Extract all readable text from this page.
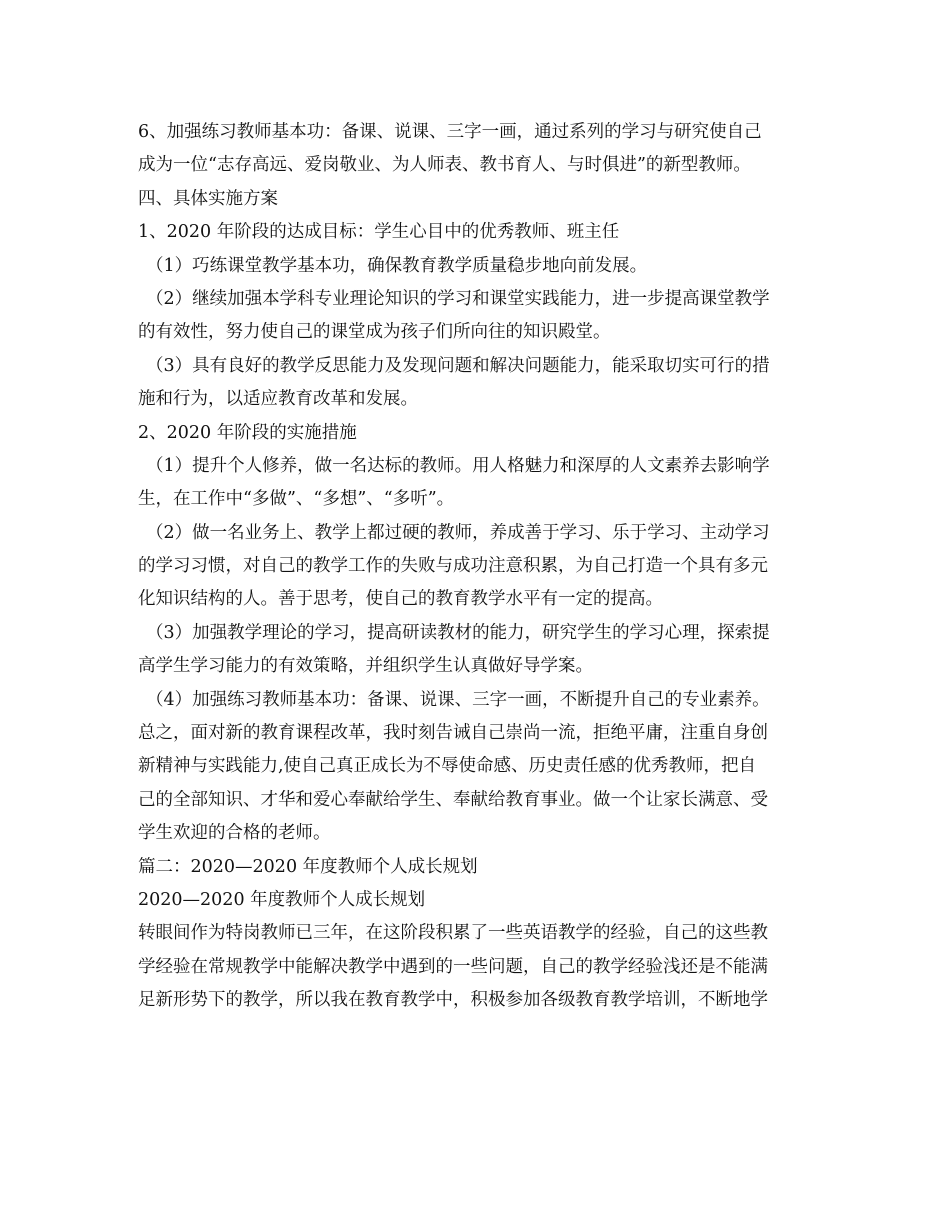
6、加强练习教师基本功：备课、说课、三字一画，通过系列的学习与研究使自己
成为一位“志存高远、爱岗敬业、为人师表、教书育人、与时俱进”的新型教师。
四、具体实施方案
1、2020 年阶段的达成目标：学生心目中的优秀教师、班主任
（1）巧练课堂教学基本功，确保教育教学质量稳步地向前发展。
（2）继续加强本学科专业理论知识的学习和课堂实践能力，进一步提高课堂教学
的有效性，努力使自己的课堂成为孩子们所向往的知识殿堂。
（3）具有良好的教学反思能力及发现问题和解决问题能力，能采取切实可行的措
施和行为，以适应教育改革和发展。
2、2020 年阶段的实施措施
（1）提升个人修养，做一名达标的教师。用人格魅力和深厚的人文素养去影响学
生，在工作中“多做”、“多想”、“多听”。
（2）做一名业务上、教学上都过硬的教师，养成善于学习、乐于学习、主动学习
的学习习惯，对自己的教学工作的失败与成功注意积累，为自己打造一个具有多元
化知识结构的人。善于思考，使自己的教育教学水平有一定的提高。
（3）加强教学理论的学习，提高研读教材的能力，研究学生的学习心理，探索提
高学生学习能力的有效策略，并组织学生认真做好导学案。
（4）加强练习教师基本功：备课、说课、三字一画，不断提升自己的专业素养。
总之，面对新的教育课程改革，我时刻告诫自己崇尚一流，拒绝平庸，注重自身创
新精神与实践能力,使自己真正成长为不辱使命感、历史责任感的优秀教师，把自
己的全部知识、才华和爱心奉献给学生、奉献给教育事业。做一个让家长满意、受
学生欢迎的合格的老师。
篇二：2020—2020 年度教师个人成长规划
2020—2020 年度教师个人成长规划
转眼间作为特岗教师已三年，在这阶段积累了一些英语教学的经验，自己的这些教
学经验在常规教学中能解决教学中遇到的一些问题，自己的教学经验浅还是不能满
足新形势下的教学，所以我在教育教学中，积极参加各级教育教学培训，不断地学
